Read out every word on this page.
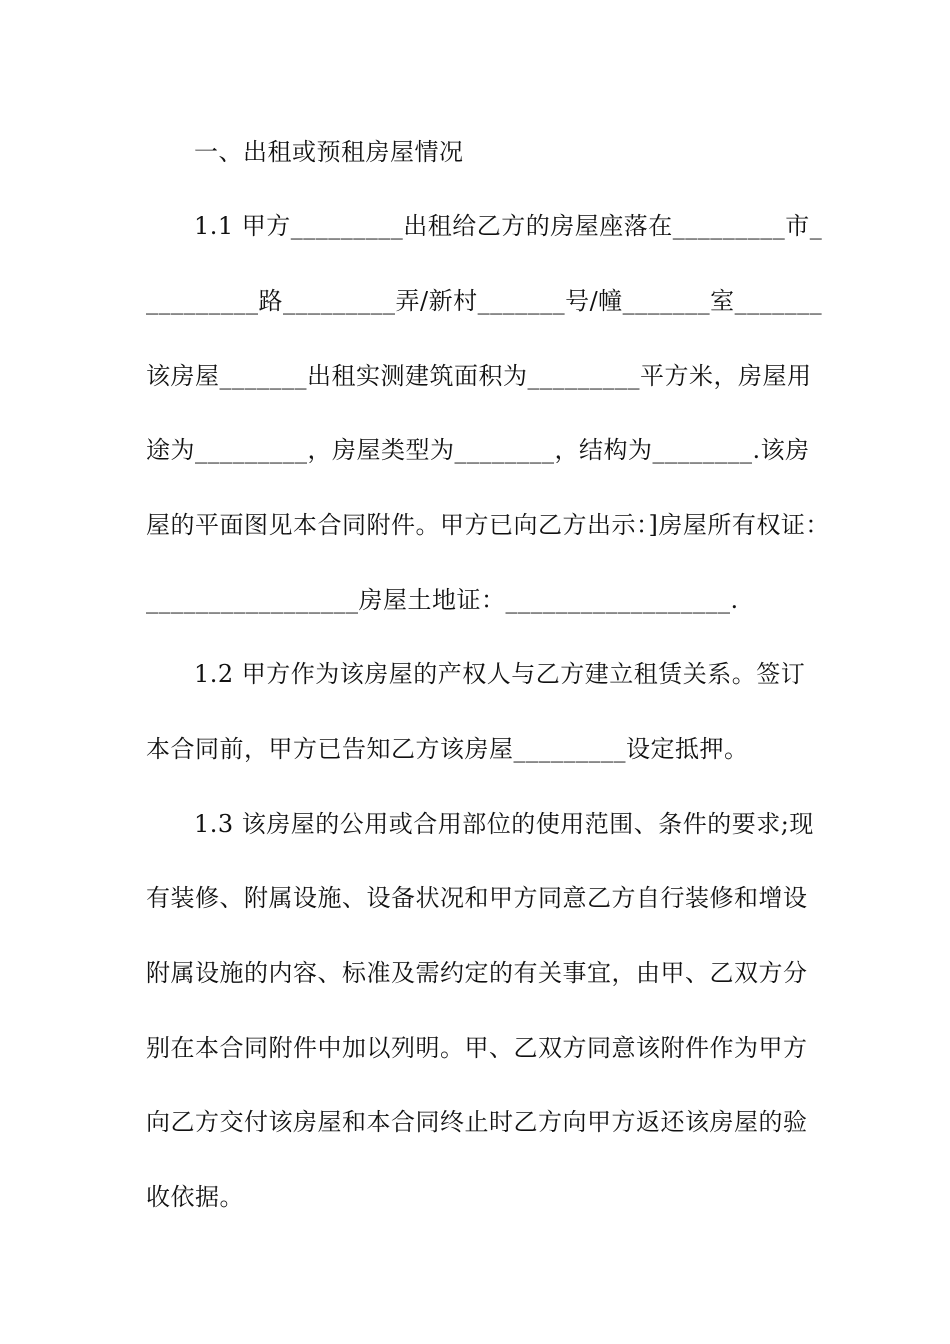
一、出租或预租房屋情况
1.1 甲方_________出租给乙方的房屋座落在_________市_
_________路_________弄/新村_______号/幢_______室_______
该房屋_______出租实测建筑面积为_________平方米，房屋用
途为_________，房屋类型为________，结构为________.该房
屋的平面图见本合同附件。甲方已向乙方出示：]房屋所有权证：
_________________房屋土地证：__________________.
1.2 甲方作为该房屋的产权人与乙方建立租赁关系。签订
本合同前，甲方已告知乙方该房屋_________设定抵押。
1.3 该房屋的公用或合用部位的使用范围、条件的要求;现
有装修、附属设施、设备状况和甲方同意乙方自行装修和增设
附属设施的内容、标准及需约定的有关事宜，由甲、乙双方分
别在本合同附件中加以列明。甲、乙双方同意该附件作为甲方
向乙方交付该房屋和本合同终止时乙方向甲方返还该房屋的验
收依据。
